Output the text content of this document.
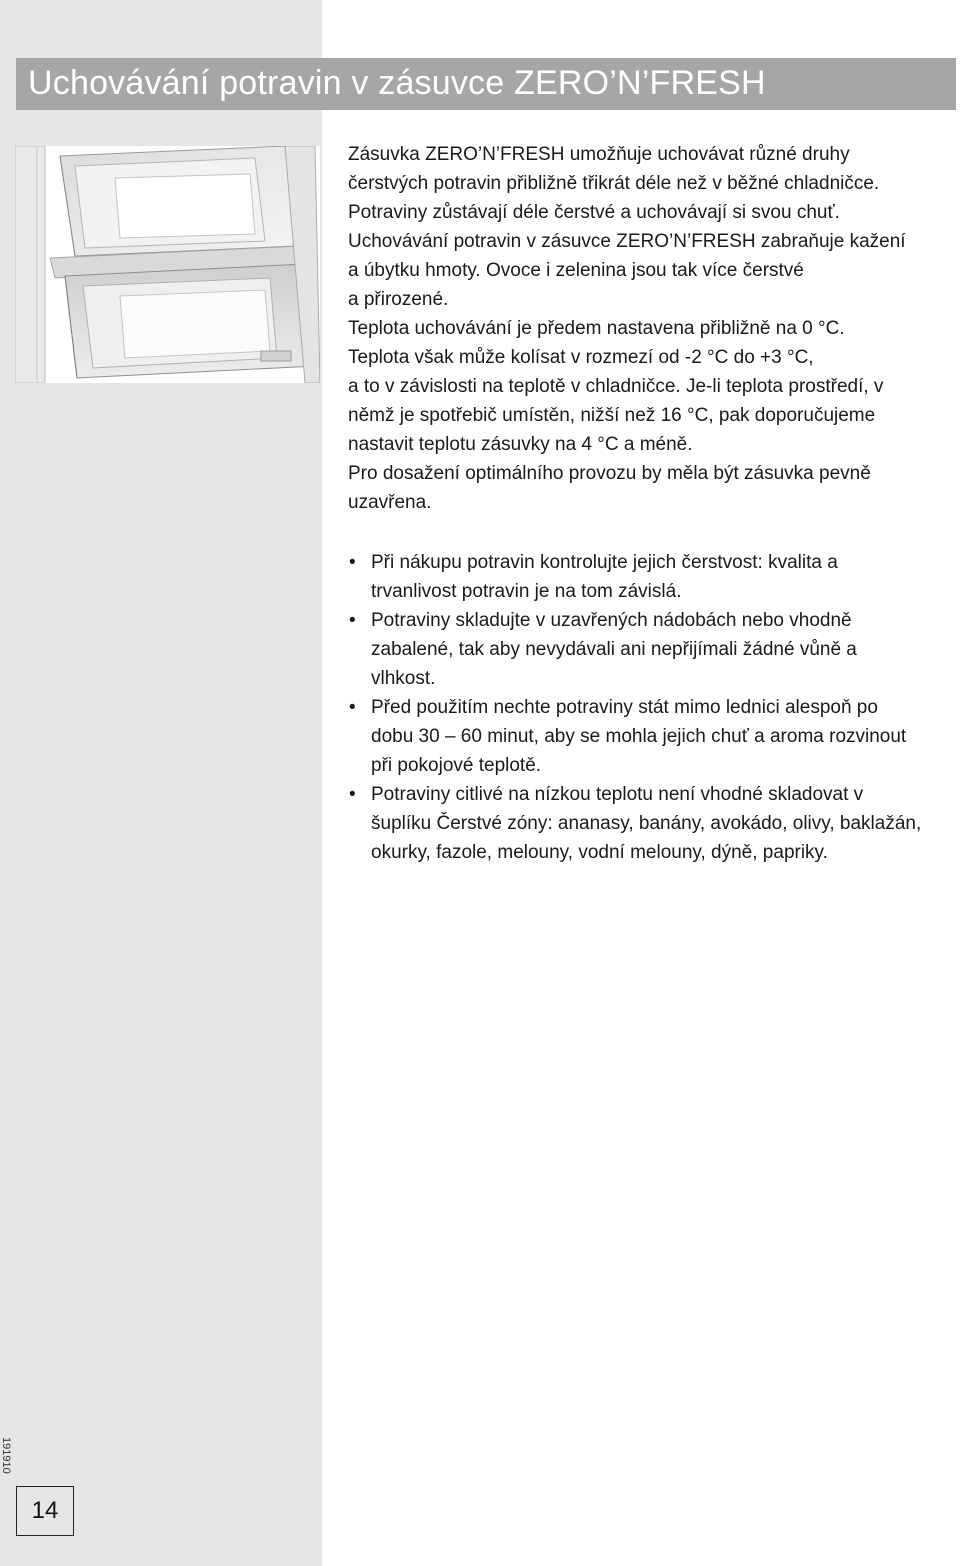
Uchovávání potravin v zásuvce ZERO’N’FRESH

Zásuvka ZERO’N’FRESH umožňuje uchovávat různé druhy

čerstvých potravin přibližně třikrát déle než v běžné chladničce.

Potraviny zůstávají déle čerstvé a uchovávají si svou chuť.

Uchovávání potravin v zásuvce ZERO’N’FRESH zabraňuje kažení

a úbytku hmoty. Ovoce i zelenina jsou tak více čerstvé

a přirozené.

Teplota uchovávání je předem nastavena přibližně na 0 °C.

Teplota však může kolísat v rozmezí od -2 °C do +3 °C,

a to v závislosti na teplotě v chladničce. Je-li teplota prostředí, v

němž je spotřebič umístěn, nižší než 16 °C, pak doporučujeme

nastavit teplotu zásuvky na 4 °C a méně.

Pro dosažení optimálního provozu by měla být zásuvka pevně

uzavřena.

• Při nákupu potravin kontrolujte jejich čerstvost: kvalita a
trvanlivost potravin je na tom závislá.
• Potraviny skladujte v uzavřených nádobách nebo vhodně
zabalené, tak aby nevydávali ani nepřijímali žádné vůně a
vlhkost.
• Před použitím nechte potraviny stát mimo lednici alespoň po
dobu 30 – 60 minut, aby se mohla jejich chuť a aroma rozvinout
při pokojové teplotě.
• Potraviny citlivé na nízkou teplotu není vhodné skladovat v
šuplíku Čerstvé zóny: ananasy, banány, avokádo, olivy, baklažán,
okurky, fazole, melouny, vodní melouny, dýně, papriky.
191910
14
